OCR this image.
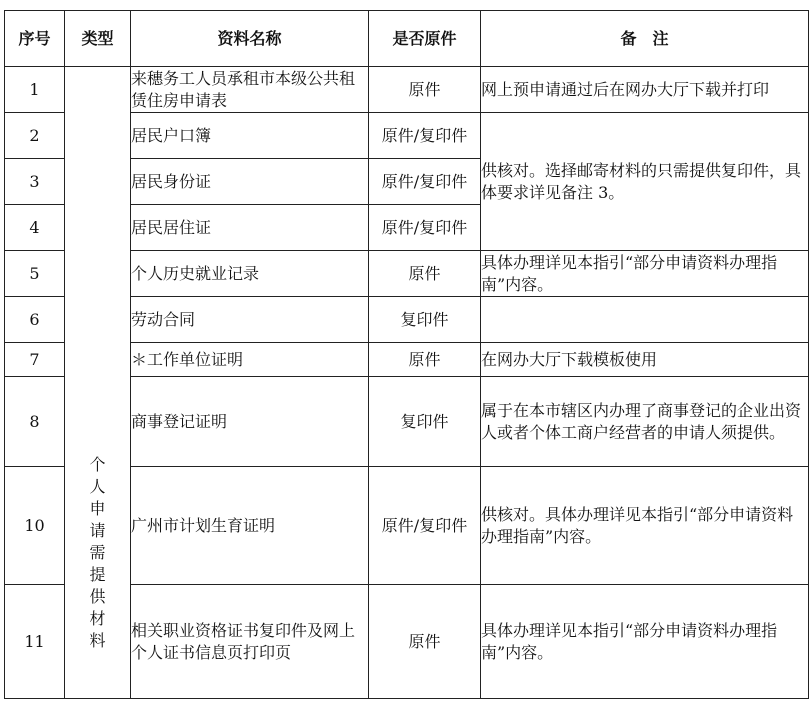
序号	类型	资料名称	是否原件	备　注
1	个人申请需提供材料	来穗务工人员承租市本级公共租赁住房申请表	原件	网上预申请通过后在网办大厅下载并打印
2		居民户口簿	原件/复印件	供核对。选择邮寄材料的只需提供复印件，具体要求详见备注 3。
3		居民身份证	原件/复印件	
4		居民居住证	原件/复印件	
5		个人历史就业记录	原件	具体办理详见本指引“部分申请资料办理指南”内容。
6		劳动合同	复印件	
7		＊工作单位证明	原件	在网办大厅下载模板使用
8		商事登记证明	复印件	属于在本市辖区内办理了商事登记的企业出资人或者个体工商户经营者的申请人须提供。
10		广州市计划生育证明	原件/复印件	供核对。具体办理详见本指引“部分申请资料办理指南”内容。
11		相关职业资格证书复印件及网上个人证书信息页打印页	原件	具体办理详见本指引“部分申请资料办理指南”内容。
